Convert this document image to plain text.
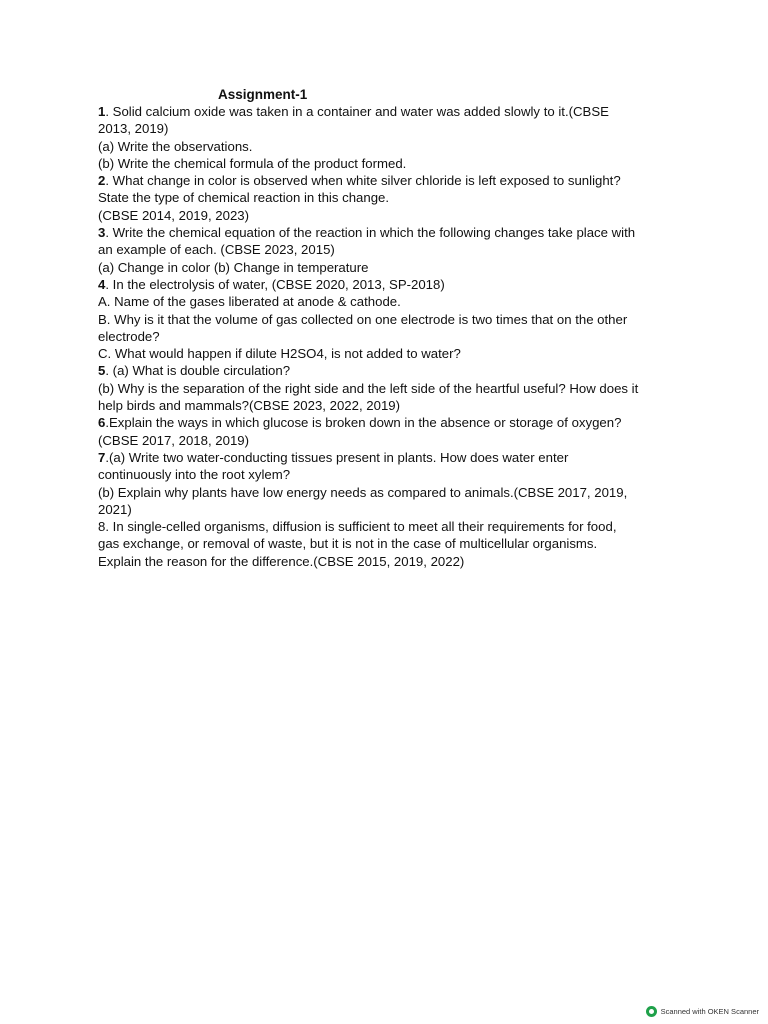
Assignment-1
1. Solid calcium oxide was taken in a container and water was added slowly to it.(CBSE
2013, 2019)
(a) Write the observations.
(b) Write the chemical formula of the product formed.
2. What change in color is observed when white silver chloride is left exposed to sunlight?
State the type of chemical reaction in this change.
(CBSE 2014, 2019, 2023)
3. Write the chemical equation of the reaction in which the following changes take place with
an example of each. (CBSE 2023, 2015)
(a) Change in color (b) Change in temperature
4. In the electrolysis of water, (CBSE 2020, 2013, SP-2018)
A. Name of the gases liberated at anode & cathode.
B. Why is it that the volume of gas collected on one electrode is two times that on the other
electrode?
C. What would happen if dilute H2SO4, is not added to water?
5. (a) What is double circulation?
(b) Why is the separation of the right side and the left side of the heartful useful? How does it
help birds and mammals?(CBSE 2023, 2022, 2019)
6.Explain the ways in which glucose is broken down in the absence or storage of oxygen?
(CBSE 2017, 2018, 2019)
7.(a) Write two water-conducting tissues present in plants. How does water enter
continuously into the root xylem?
(b) Explain why plants have low energy needs as compared to animals.(CBSE 2017, 2019,
2021)
8. In single-celled organisms, diffusion is sufficient to meet all their requirements for food,
gas exchange, or removal of waste, but it is not in the case of multicellular organisms.
Explain the reason for the difference.(CBSE 2015, 2019, 2022)
Scanned with OKEN Scanner
